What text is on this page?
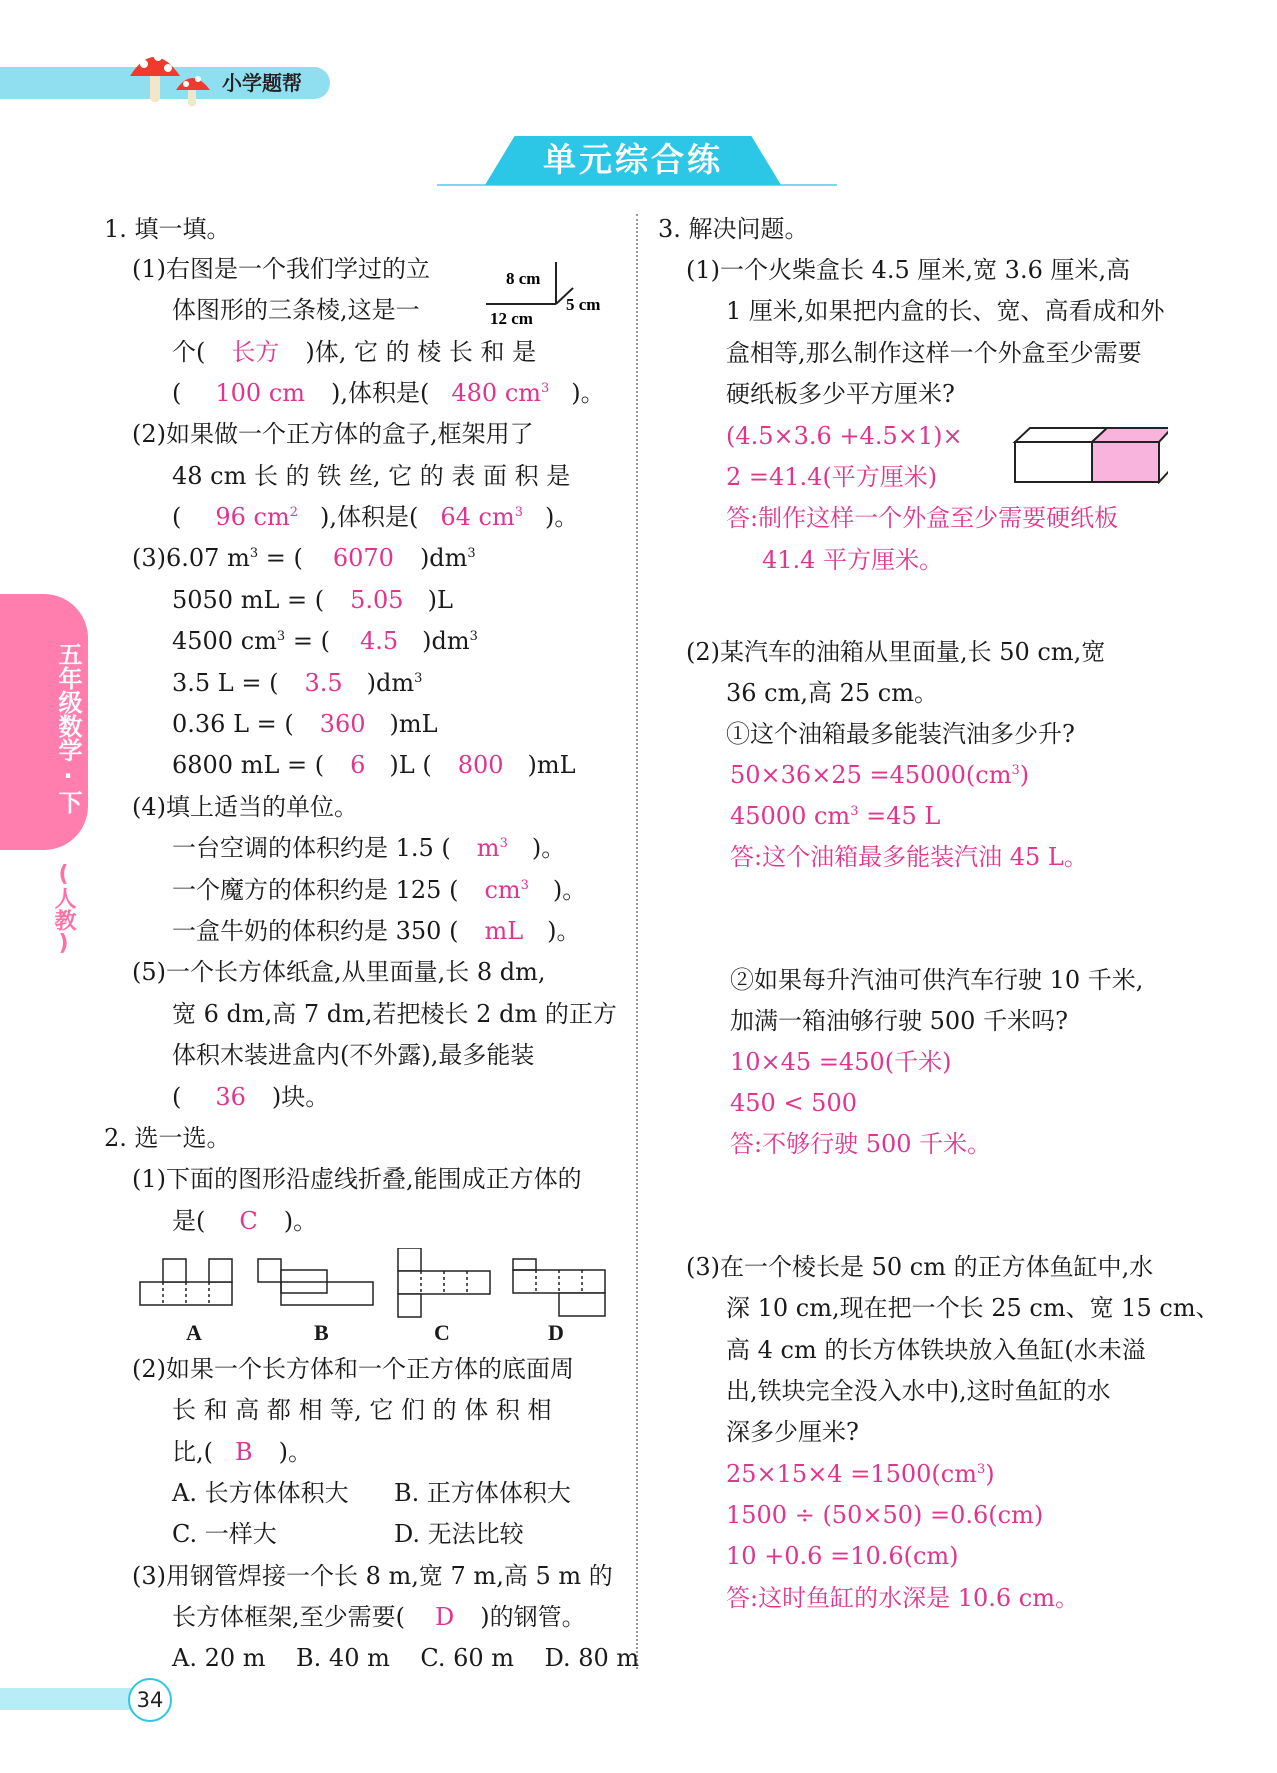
小学题帮
单元综合练
五年级数学·下
(人教)
1. 填一填。
(1)右图是一个我们学过的立
体图形的三条棱,这是一
个( 长方 )体, 它 的 棱 长 和 是
( 100 cm ),体积是( 480 $cm^3$ )。
8 cm
12 cm
5 cm
(2)如果做一个正方体的盒子,框架用了
48 cm 长 的 铁 丝, 它 的 表 面 积 是
( 96 $cm^2$ ),体积是( 64 $cm^3$ )。
(3)6.07 $m^3$ = ( 6070 )$dm^3$
5050 mL = ( 5.05 )L
4500 $cm^3$ = ( 4.5 )$dm^3$
3.5 L = ( 3.5 )$dm^3$
0.36 L = ( 360 )mL
6800 mL = ( 6 )L ( 800 )mL
(4)填上适当的单位。
一台空调的体积约是 1.5 ( $m^3$ )。
一个魔方的体积约是 125 ( $cm^3$ )。
一盒牛奶的体积约是 350 ( mL )。
(5)一个长方体纸盒,从里面量,长 8 dm,
宽 6 dm,高 7 dm,若把棱长 2 dm 的正方
体积木装进盒内(不外露),最多能装
( 36 )块。
2. 选一选。
(1)下面的图形沿虚线折叠,能围成正方体的
是( C )。
A	B	C	D
(2)如果一个长方体和一个正方体的底面周
长 和 高 都 相 等, 它 们 的 体 积 相
比,( B )。
A. 长方体体积大 B. 正方体体积大
C. 一样大	D. 无法比较
(3)用钢管焊接一个长 8 m,宽 7 m,高 5 m 的
长方体框架,至少需要( D )的钢管。
A. 20 m    B. 40 m    C. 60 m    D. 80 m
3. 解决问题。
(1)一个火柴盒长 4.5 厘米,宽 3.6 厘米,高
1 厘米,如果把内盒的长、宽、高看成和外
盒相等,那么制作这样一个外盒至少需要
硬纸板多少平方厘米?
(4.5×3.6 +4.5×1)×
2 =41.4(平方厘米)
答:制作这样一个外盒至少需要硬纸板
41.4 平方厘米。
(2)某汽车的油箱从里面量,长 50 cm,宽
36 cm,高 25 cm。
①这个油箱最多能装汽油多少升?
$50\times 36\times 25 =45000(cm^3)$
45000 $cm^3 =45$ L
答:这个油箱最多能装汽油 45 L。
②如果每升汽油可供汽车行驶 10 千米,
加满一箱油够行驶 500 千米吗?
10×45 =450(千米)
450 < 500
答:不够行驶 500 千米。
(3)在一个棱长是 50 cm 的正方体鱼缸中,水
深 10 cm,现在把一个长 25 cm、宽 15 cm、
高 4 cm 的长方体铁块放入鱼缸(水未溢
出,铁块完全没入水中),这时鱼缸的水
深多少厘米?
$25\times 15\times 4 =1500(cm^3)$
1500 ÷ (50×50) =0.6(cm)
10 +0.6 =10.6(cm)
答:这时鱼缸的水深是 10.6 cm。
34
